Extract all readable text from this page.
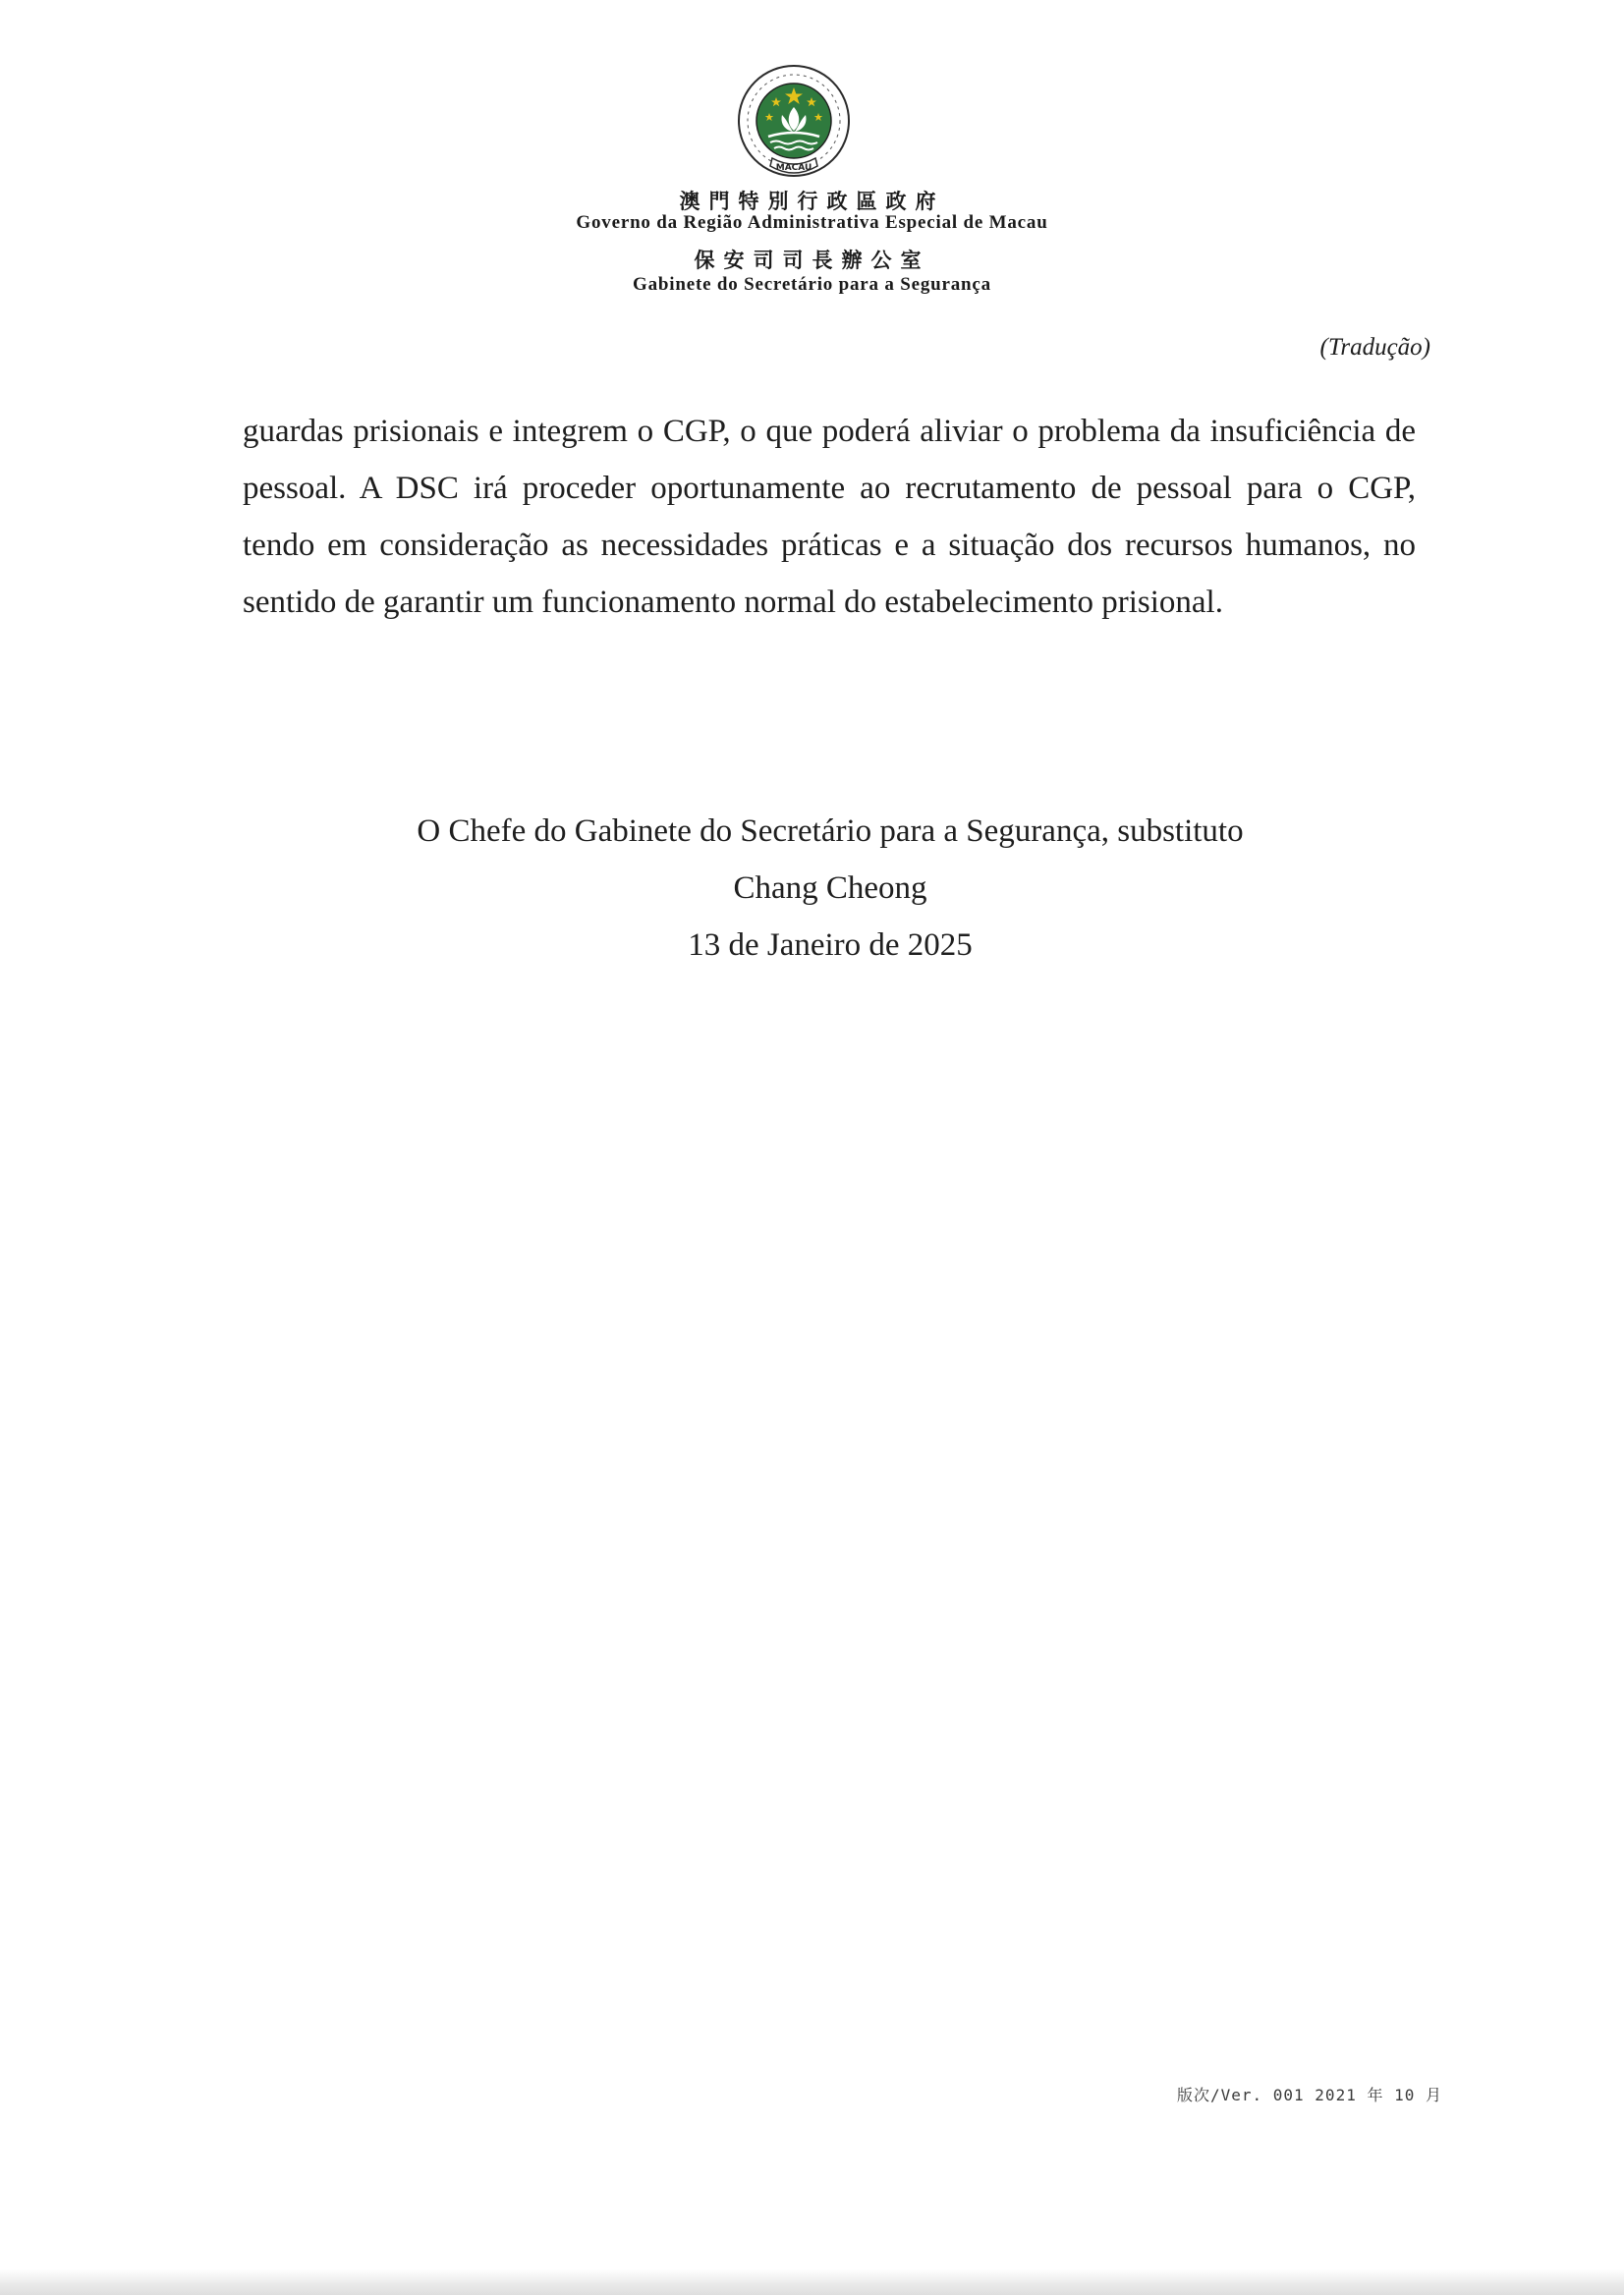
MACAU
澳門特別行政區政府
Governo da Região Administrativa Especial de Macau
保安司司長辦公室
Gabinete do Secretário para a Segurança
(Tradução)

guardas prisionais e integrem o CGP, o que poderá aliviar o problema da insuficiência de pessoal. A DSC irá proceder oportunamente ao recrutamento de pessoal para o CGP, tendo em consideração as necessidades práticas e a situação dos recursos humanos, no sentido de garantir um funcionamento normal do estabelecimento prisional.

O Chefe do Gabinete do Secretário para a Segurança, substituto
Chang Cheong
13 de Janeiro de 2025
版次/Ver. 001 2021 年 10 月
